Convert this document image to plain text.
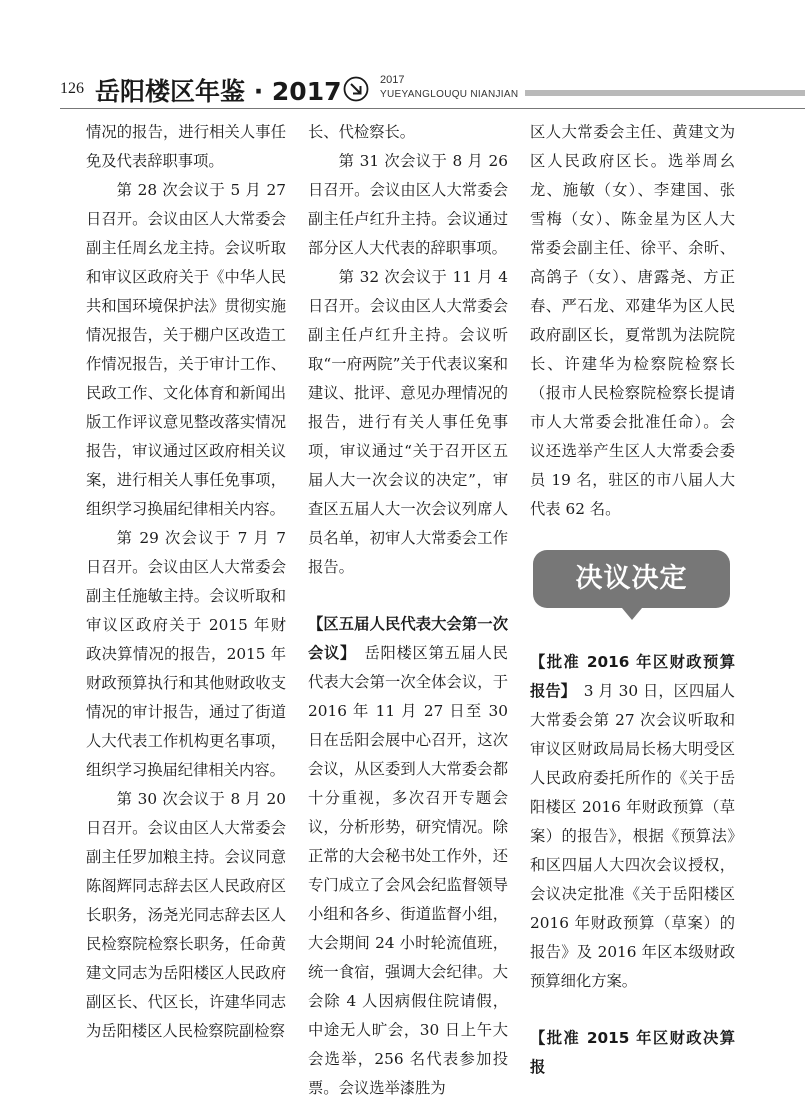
126 岳阳楼区年鉴 · 2017	2017
YUEYANGLOUQU NIANJIAN

情况的报告，进行相关人事任免及代表辞职事项。

第 28 次会议于 5 月 27 日召开。会议由区人大常委会副主任周幺龙主持。会议听取和审议区政府关于《中华人民共和国环境保护法》贯彻实施情况报告，关于棚户区改造工作情况报告，关于审计工作、民政工作、文化体育和新闻出版工作评议意见整改落实情况报告，审议通过区政府相关议案，进行相关人事任免事项，组织学习换届纪律相关内容。

第 29 次会议于 7 月 7 日召开。会议由区人大常委会副主任施敏主持。会议听取和审议区政府关于 2015 年财政决算情况的报告，2015 年财政预算执行和其他财政收支情况的审计报告，通过了街道人大代表工作机构更名事项，组织学习换届纪律相关内容。

第 30 次会议于 8 月 20 日召开。会议由区人大常委会副主任罗加粮主持。会议同意陈阁辉同志辞去区人民政府区长职务，汤尧光同志辞去区人民检察院检察长职务，任命黄建文同志为岳阳楼区人民政府副区长、代区长，许建华同志为岳阳楼区人民检察院副检察

长、代检察长。

第 31 次会议于 8 月 26 日召开。会议由区人大常委会副主任卢红升主持。会议通过部分区人大代表的辞职事项。

第 32 次会议于 11 月 4 日召开。会议由区人大常委会副主任卢红升主持。会议听取“一府两院”关于代表议案和建议、批评、意见办理情况的报告，进行有关人事任免事项，审议通过“关于召开区五届人大一次会议的决定”，审查区五届人大一次会议列席人员名单，初审人大常委会工作报告。

【区五届人民代表大会第一次会议】　 岳阳楼区第五届人民代表大会第一次全体会议，于 2016 年 11 月 27 日至 30 日在岳阳会展中心召开，这次会议，从区委到人大常委会都十分重视，多次召开专题会议，分析形势，研究情况。除正常的大会秘书处工作外，还专门成立了会风会纪监督领导小组和各乡、街道监督小组，大会期间 24 小时轮流值班，统一食宿，强调大会纪律。大会除 4 人因病假住院请假，中途无人旷会，30 日上午大会选举，256 名代表参加投票。会议选举漆胜为

区人大常委会主任、黄建文为区人民政府区长。选举周幺龙、施敏（女）、李建国、张雪梅（女）、陈金星为区人大常委会副主任、徐平、余昕、高鸽子（女）、唐露尧、方正春、严石龙、邓建华为区人民政府副区长，夏常凯为法院院长、许建华为检察院检察长（报市人民检察院检察长提请市人大常委会批准任命）。会议还选举产生区人大常委会委员 19 名，驻区的市八届人大代表 62 名。

决议决定

【批准 2016 年区财政预算报告】　 3 月 30 日，区四届人大常委会第 27 次会议听取和审议区财政局局长杨大明受区人民政府委托所作的《关于岳阳楼区 2016 年财政预算（草案）的报告》，根据《预算法》和区四届人大四次会议授权，会议决定批准《关于岳阳楼区 2016 年财政预算（草案）的报告》及 2016 年区本级财政预算细化方案。

【批准 2015 年区财政决算报
